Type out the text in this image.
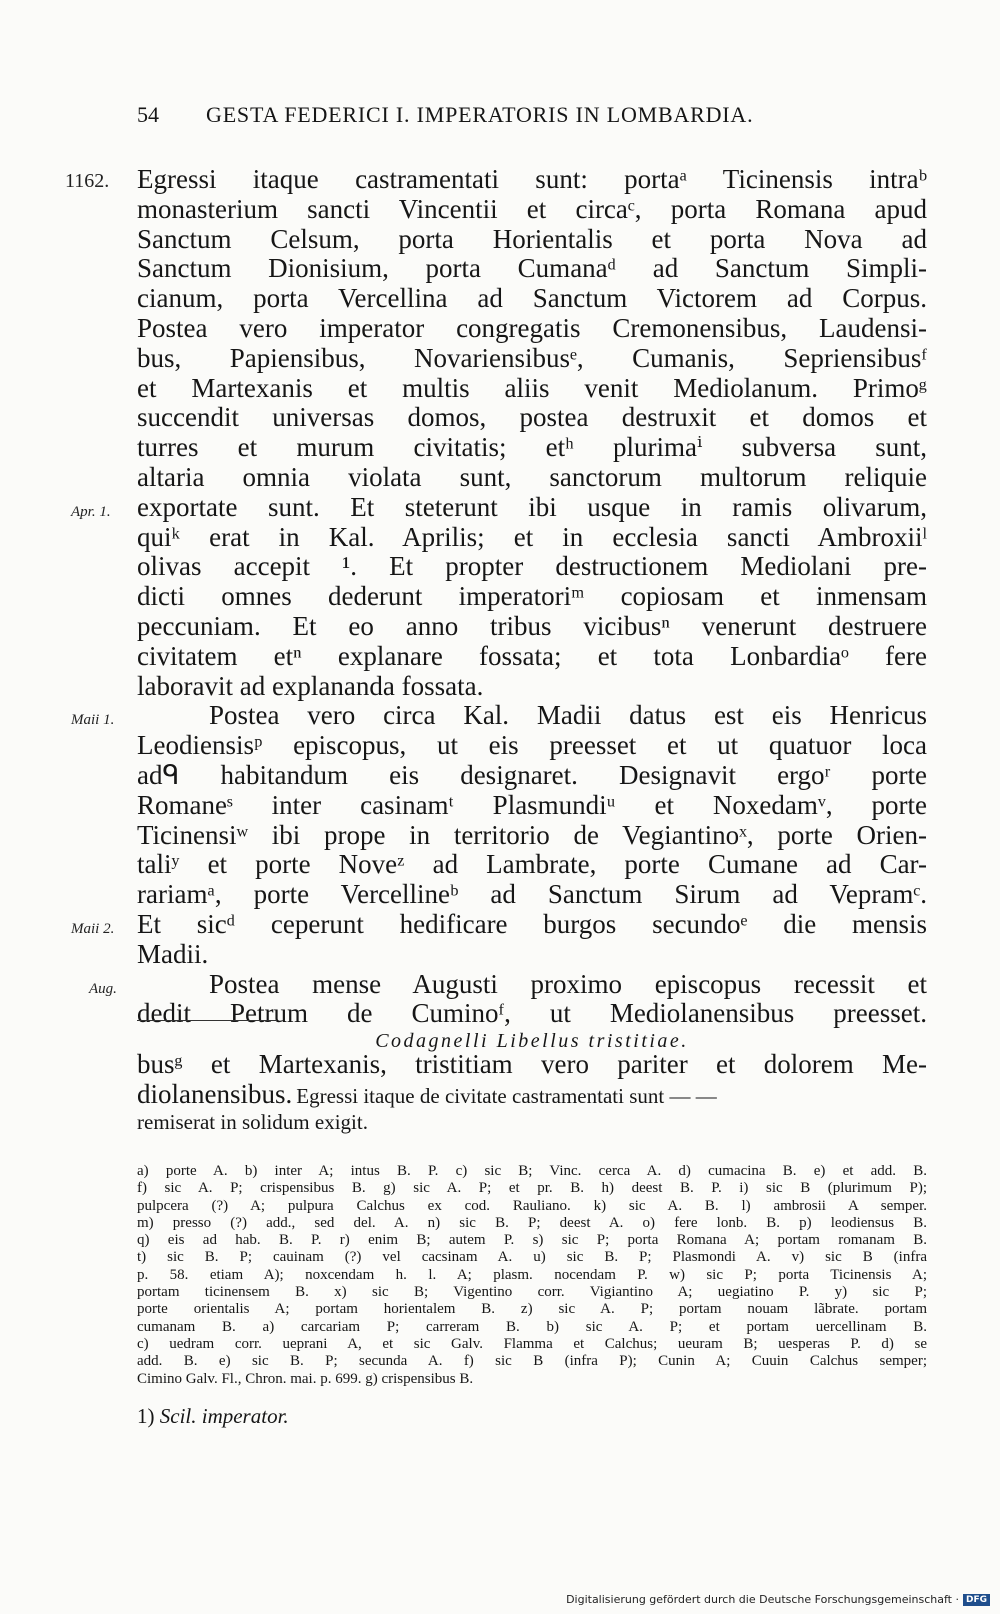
54 GESTA FEDERICI I. IMPERATORIS IN LOMBARDIA.
1162. Egressi itaque castramentati sunt: portaᵃ Ticinensis intraᵇ
monasterium sancti Vincentii et circaᶜ, porta Romana apud
Sanctum Celsum, porta Horientalis et porta Nova ad
Sanctum Dionisium, porta Cumanaᵈ ad Sanctum Simpli-
cianum, porta Vercellina ad Sanctum Victorem ad Corpus.
Postea vero imperator congregatis Cremonensibus, Laudensi-
bus, Papiensibus, Novariensibusᵉ, Cumanis, Sepriensibusᶠ
et Martexanis et multis aliis venit Mediolanum. Primoᵍ
succendit universas domos, postea destruxit et domos et
turres et murum civitatis; etʰ plurimaⁱ subversa sunt,
altaria omnia violata sunt, sanctorum multorum reliquie
Apr. 1. exportate sunt. Et steterunt ibi usque in ramis olivarum,
quiᵏ erat in Kal. Aprilis; et in ecclesia sancti Ambroxiiˡ
olivas accepit ¹. Et propter destructionem Mediolani pre-
dicti omnes dederunt imperatoriᵐ copiosam et inmensam
peccuniam. Et eo anno tribus vicibusⁿ venerunt destruere
civitatem etⁿ explanare fossata; et tota Lonbardiaᵒ fere
laboravit ad explananda fossata.
Maii 1.	Postea vero circa Kal. Madii datus est eis Henricus
Leodiensisᵖ episcopus, ut eis preesset et ut quatuor loca
adᑫ habitandum eis designaret. Designavit ergoʳ porte
Romaneˢ inter casinamᵗ Plasmundiᵘ et Noxedamᵛ, porte
Ticinensiʷ ibi prope in territorio de Vegiantinoˣ, porte Orien-
taliʸ et porte Noveᶻ ad Lambrate, porte Cumane ad Car-
rariamᵃ, porte Vercellineᵇ ad Sanctum Sirum ad Vepramᶜ.
Maii 2. Et sicᵈ ceperunt hedificare burgos secundoᵉ die mensis
Madii.
Aug.	Postea mense Augusti proximo episcopus recessit et
dedit Petrum de Cuminoᶠ, ut Mediolanensibus preesset.
Codagnelli Libellus tristitiae.
busᵍ et Martexanis, tristitiam vero pariter et dolorem Me-
diolanensibus. Egressi itaque de civitate castramentati sunt — —
remiserat in solidum exigit.
a) porte A. b) inter A; intus B. P. c) sic B; Vinc. cerca A. d) cumacina B. e) et add. B.
f) sic A. P; crispensibus B. g) sic A. P; et pr. B. h) deest B. P. i) sic B (plurimum P);
pulpcera (?) A; pulpura Calchus ex cod. Rauliano. k) sic A. B. l) ambrosii A semper.
m) presso (?) add., sed del. A. n) sic B. P; deest A. o) fere lonb. B. p) leodiensus B.
q) eis ad hab. B. P. r) enim B; autem P. s) sic P; porta Romana A; portam romanam B.
t) sic B. P; cauinam (?) vel cacsinam A. u) sic B. P; Plasmondi A. v) sic B (infra
p. 58. etiam A); noxcendam h. l. A; plasm. nocendam P. w) sic P; porta Ticinensis A;
portam ticinensem B. x) sic B; Vigentino corr. Vigiantino A; uegiatino P. y) sic P;
porte orientalis A; portam horientalem B. z) sic A. P; portam nouam lãbrate. portam
cumanam B. a) carcariam P; carreram B. b) sic A. P; et portam uercellinam B.
c) uedram corr. ueprani A, et sic Galv. Flamma et Calchus; ueuram B; uesperas P. d) se
add. B. e) sic B. P; secunda A. f) sic B (infra P); Cunin A; Cuuin Calchus semper;
Cimino Galv. Fl., Chron. mai. p. 699. g) crispensibus B.
1) Scil. imperator.
Digitalisierung gefördert durch die Deutsche Forschungsgemeinschaft · DFG
